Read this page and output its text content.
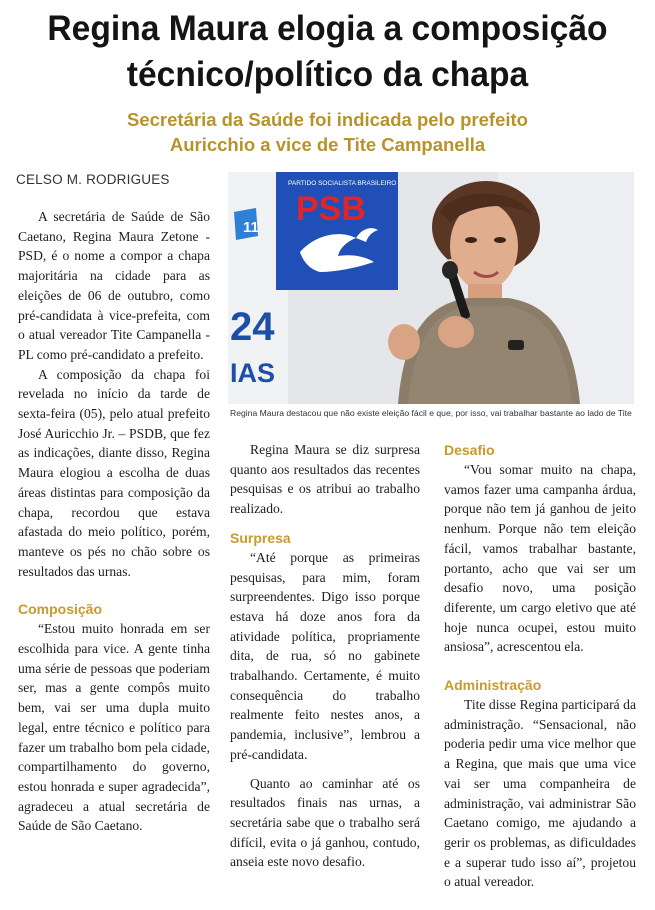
Regina Maura elogia a composição
técnico/político da chapa
Secretária da Saúde foi indicada pelo prefeito
Auricchio a vice de Tite Campanella
CELSO M. RODRIGUES
11
24
IAS
PARTIDO SOCIALISTA BRASILEIRO
PSB
Regina Maura destacou que não existe eleição fácil e que, por isso, vai trabalhar bastante ao lado de Tite

A secretária de Saúde de São Caetano, Regina Maura Zetone - PSD, é o nome a compor a chapa majoritária na cidade para as eleições de 06 de outubro, como pré-candidata à vice-prefeita, com o atual vereador Tite Campanella - PL como pré-candidato a prefeito.

A composição da chapa foi revelada no início da tarde de sexta-feira (05), pelo atual prefeito José Auricchio Jr. – PSDB, que fez as indicações, diante disso, Regina Maura elogiou a escolha de duas áreas distintas para composição da chapa, recordou que estava afastada do meio político, porém, manteve os pés no chão sobre os resultados das urnas.

Composição

“Estou muito honrada em ser escolhida para vice. A gente tinha uma série de pessoas que poderiam ser, mas a gente compôs muito bem, vai ser uma dupla muito legal, entre técnico e político para fazer um trabalho bom pela cidade, compartilhamento do governo, estou honrada e super agradecida”, agradeceu a atual secretária de Saúde de São Caetano.

Regina Maura se diz surpresa quanto aos resultados das recentes pesquisas e os atribui ao trabalho realizado.

Surpresa

“Até porque as primeiras pesquisas, para mim, foram surpreendentes. Digo isso porque estava há doze anos fora da atividade política, propriamente dita, de rua, só no gabinete trabalhando. Certamente, é muito consequência do trabalho realmente feito nestes anos, a pandemia, inclusive”, lembrou a pré-candidata.

Quanto ao caminhar até os resultados finais nas urnas, a secretária sabe que o trabalho será difícil, evita o já ganhou, contudo, anseia este novo desafio.

Desafio

“Vou somar muito na chapa, vamos fazer uma campanha árdua, porque não tem já ganhou de jeito nenhum. Porque não tem eleição fácil, vamos trabalhar bastante, portanto, acho que vai ser um desafio novo, uma posição diferente, um cargo eletivo que até hoje nunca ocupei, estou muito ansiosa”, acrescentou ela.

Administração

Tite disse Regina participará da administração. “Sensacional, não poderia pedir uma vice melhor que a Regina, que mais que uma vice vai ser uma companheira de administração, vai administrar São Caetano comigo, me ajudando a gerir os problemas, as dificuldades e a superar tudo isso aí”, projetou o atual vereador.
